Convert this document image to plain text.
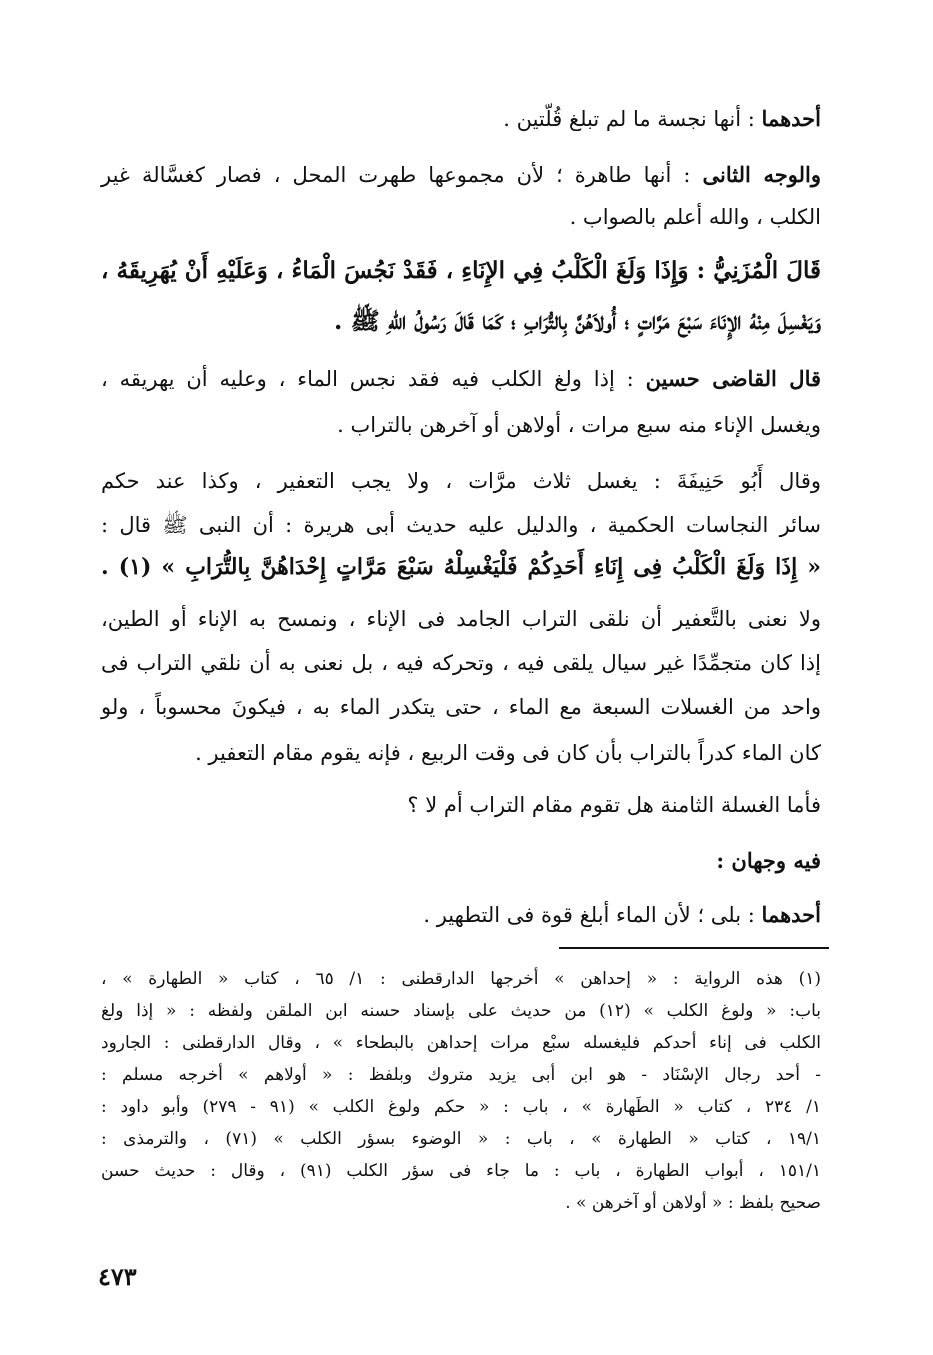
أحدهما : أنها نجسة ما لم تبلغ قُلّتين .
والوجه الثانى : أنها طاهرة ؛ لأن مجموعها طهرت المحل ، فصار كغسَّالة غير
الكلب ، والله أعلم بالصواب .
قَالَ الْمُزَنِيُّ : وَإِذَا وَلَغَ الْكَلْبُ فِي الإِنَاءِ ، فَقَدْ نَجُسَ الْمَاءُ ، وَعَلَيْهِ أَنْ يُهَرِيقَهُ ،
وَيَغْسِلَ مِنْهُ الإِنَاءَ سَبْعَ مَرَّاتٍ ؛ أُولاَهُنَّ بِالتُّرَابِ ؛ كَمَا قَالَ رَسُولُ اللهِ ﷺ .
قال القاضى حسين : إذا ولغ الكلب فيه فقد نجس الماء ، وعليه أن يهريقه ،
ويغسل الإناء منه سبع مرات ، أولاهن أو آخرهن بالتراب .
وقال أَبُو حَنِيفَةَ : يغسل ثلاث مرَّات ، ولا يجب التعفير ، وكذا عند حكم
سائر النجاسات الحكمية ، والدليل عليه حديث أبى هريرة : أن النبى ﷺ قال :
« إِذَا وَلَغَ الْكَلْبُ فِى إِنَاءِ أَحَدِكُمْ فَلْيَغْسِلْهُ سَبْعَ مَرَّاتٍ إِحْدَاهُنَّ بِالتُّرَابِ » (١) .
ولا نعنى بالتَّعفير أن نلقى التراب الجامد فى الإناء ، ونمسح به الإناء أو الطين،
إذا كان متجمِّدًا غير سيال يلقى فيه ، وتحركه فيه ، بل نعنى به أن نلقي التراب فى
واحد من الغسلات السبعة مع الماء ، حتى يتكدر الماء به ، فيكونَ محسوباً ، ولو
كان الماء كدراً بالتراب بأن كان فى وقت الربيع ، فإنه يقوم مقام التعفير .
فأما الغسلة الثامنة هل تقوم مقام التراب أم لا ؟
فيه وجهان :
أحدهما : بلى ؛ لأن الماء أبلغ قوة فى التطهير .
(١) هذه الرواية : « إحداهن » أخرجها الدارقطنى : ١/ ٦٥ ، كتاب « الطهارة » ،
باب: « ولوغ الكلب » (١٢) من حديث على بإسناد حسنه ابن الملقن ولفظه : « إذا ولغ
الكلب فى إناء أحدكم فليغسله سبْع مرات إحداهن بالبطحاء » ، وقال الدارقطنى : الجارود
- أحد رجال الإسْنَاد - هو ابن أبى يزيد متروك وبلفظ : « أولاهم » أخرجه مسلم :
١/ ٢٣٤ ، كتاب « الطَهارة » ، باب : « حكم ولوغ الكلب » (٩١ - ٢٧٩) وأبو داود :
١٩/١ ، كتاب « الطهارة » ، باب : « الوضوء بسؤر الكلب » (٧١) ، والترمذى :
١٥١/١ ، أبواب الطهارة ، باب : ما جاء فى سؤر الكلب (٩١) ، وقال : حديث حسن
صحيح بلفظ : « أولاهن أو آخرهن » .
٤٧٣
